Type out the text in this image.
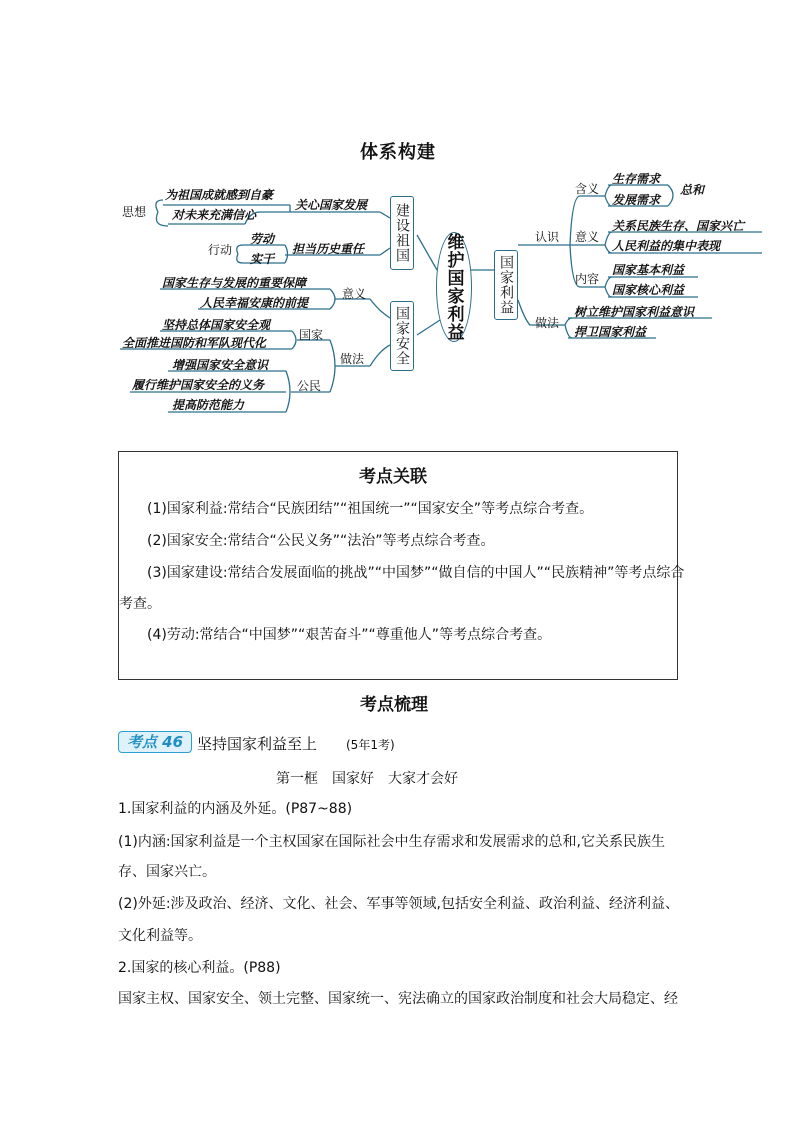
体系构建
思想
为祖国成就感到自豪
对未来充满信心
关心国家发展
行动
劳动
实干
担当历史重任 建设祖国 维护国家利益
国家生存与发展的重要保障
人民幸福安康的前提
意义
坚持总体国家安全观
全面推进国防和军队现代化
国家
做法
增强国家安全意识
履行维护国家安全的义务
提高防范能力
公民
国家安全
国家利益
认识
含义
生存需求
发展需求
总和
意义
关系民族生存、国家兴亡
人民利益的集中表现
内容
国家基本利益
国家核心利益
做法
树立维护国家利益意识
捍卫国家利益
考点关联

(1)国家利益:常结合“民族团结”“祖国统一”“国家安全”等考点综合考查。

(2)国家安全:常结合“公民义务”“法治”等考点综合考查。

(3)国家建设:常结合发展面临的挑战”“中国梦”“做自信的中国人”“民族精神”等考点综合

考查。

(4)劳动:常结合“中国梦”“艰苦奋斗”“尊重他人”等考点综合考查。

考点梳理
考点 46 坚持国家利益至上 (5年1考)
第一框　国家好　大家才会好
1.国家利益的内涵及外延。(P87~88)
(1)内涵:国家利益是一个主权国家在国际社会中生存需求和发展需求的总和,它关系民族生
存、国家兴亡。
(2)外延:涉及政治、经济、文化、社会、军事等领域,包括安全利益、政治利益、经济利益、
文化利益等。
2.国家的核心利益。(P88)
国家主权、国家安全、领土完整、国家统一、宪法确立的国家政治制度和社会大局稳定、经
